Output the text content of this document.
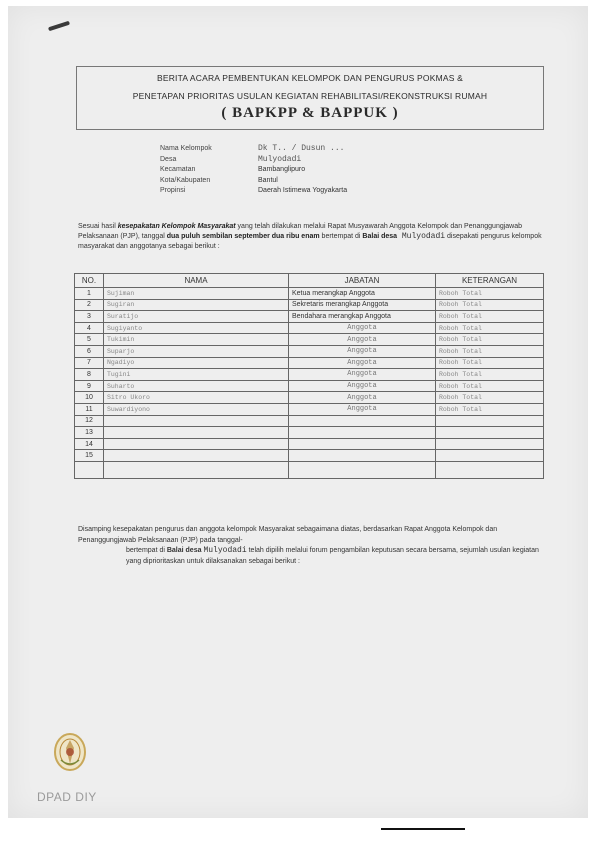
BERITA ACARA PEMBENTUKAN KELOMPOK DAN PENGURUS POKMAS &
PENETAPAN PRIORITAS USULAN KEGIATAN REHABILITASI/REKONSTRUKSI RUMAH
( BAPKPP & BAPPUK )
Nama Kelompok	Dk T.. / Dusun ...
Desa	Mulyodadi
Kecamatan	Bambanglipuro
Kota/Kabupaten	Bantul
Propinsi	Daerah Istimewa Yogyakarta
Sesuai hasil kesepakatan Kelompok Masyarakat yang telah dilakukan melalui Rapat Musyawarah Anggota Kelompok dan Penanggungjawab Pelaksanaan (PJP), tanggal dua puluh sembilan september dua ribu enam bertempat di Balai desa Mulyodadi disepakati pengurus kelompok masyarakat dan anggotanya sebagai berikut :
NO.	NAMA	JABATAN	KETERANGAN
1	Sujiman	Ketua merangkap Anggota	Roboh Total
2	Sugiran	Sekretaris merangkap Anggota	Roboh Total
3	Suratijo	Bendahara merangkap Anggota	Roboh Total
4	Sugiyanto	Anggota	Roboh Total
5	Tukimin	Anggota	Roboh Total
6	Suparjo	Anggota	Roboh Total
7	Ngadiyo	Anggota	Roboh Total
8	Tugini	Anggota	Roboh Total
9	Suharto	Anggota	Roboh Total
10	Sitro Ukoro	Anggota	Roboh Total
11	Suwardiyono	Anggota	Roboh Total
12			
13			
14			
15			

Disamping kesepakatan pengurus dan anggota kelompok Masyarakat sebagaimana diatas, berdasarkan Rapat Anggota Kelompok dan Penanggungjawab Pelaksanaan (PJP) pada tanggal-
bertempat di Balai desa Mulyodadi telah dipilih melalui forum pengambilan keputusan secara bersama, sejumlah usulan kegiatan yang diprioritaskan untuk dilaksanakan sebagai berikut :
DPAD DIY
